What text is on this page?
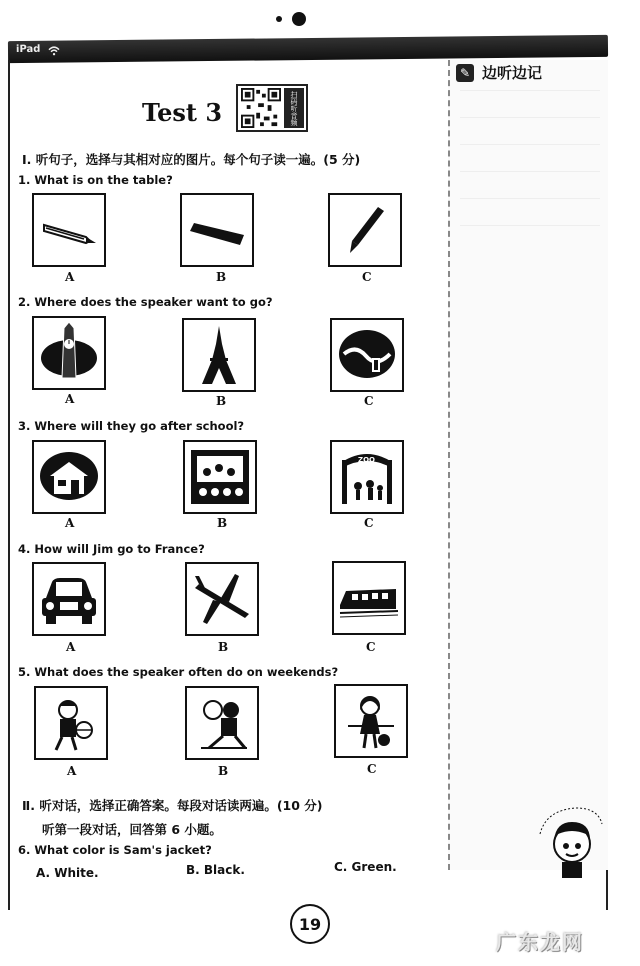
iPad
✎ 边听边记
Test 3	扫码听音频
Ⅰ. 听句子，选择与其相对应的图片。每个句子读一遍。(5 分)
1. What is on the table?
A	B	C
2. Where does the speaker want to go?
A	B	C
3. Where will they go after school?
A	B
ZOO
C
4. How will Jim go to France?
A	B	C
5. What does the speaker often do on weekends?
A	B	C
Ⅱ. 听对话，选择正确答案。每段对话读两遍。(10 分)
听第一段对话，回答第 6 小题。
6. What color is Sam's jacket?
A. White.	B. Black.	C. Green.
19
广东龙网
